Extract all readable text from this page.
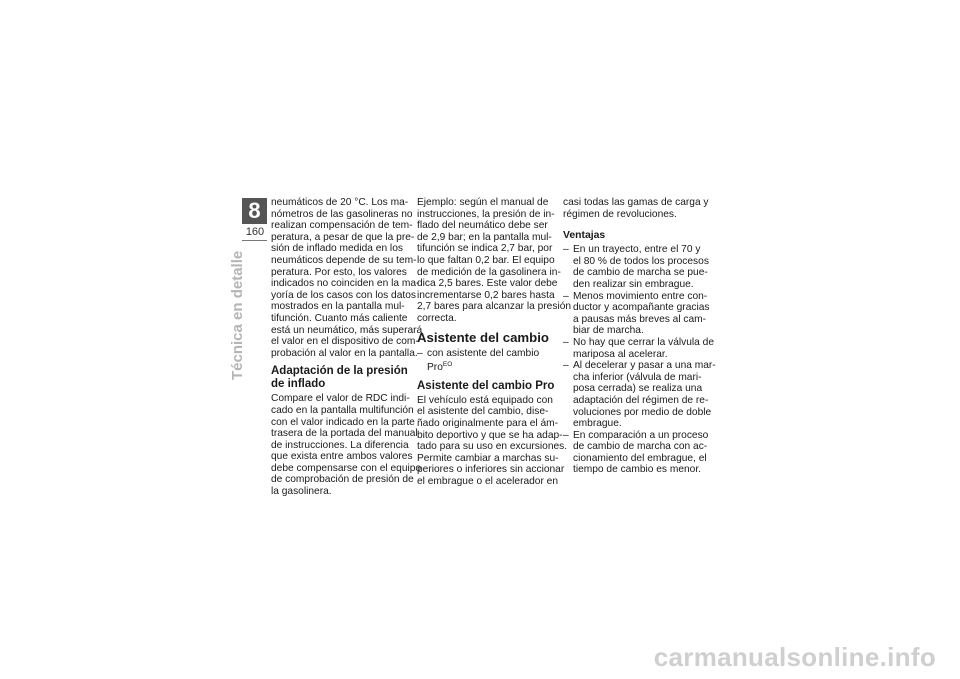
8
160
Técnica en detalle

neumáticos de 20 °C. Los ma-
nómetros de las gasolineras no
realizan compensación de tem-
peratura, a pesar de que la pre-
sión de inflado medida en los
neumáticos depende de su tem-
peratura. Por esto, los valores
indicados no coinciden en la ma-
yoría de los casos con los datos
mostrados en la pantalla mul-
tifunción. Cuanto más caliente
está un neumático, más superará
el valor en el dispositivo de com-
probación al valor en la pantalla.

Adaptación de la presión
de inflado

Compare el valor de RDC indi-
cado en la pantalla multifunción
con el valor indicado en la parte
trasera de la portada del manual
de instrucciones. La diferencia
que exista entre ambos valores
debe compensarse con el equipo
de comprobación de presión de
la gasolinera.

Ejemplo: según el manual de
instrucciones, la presión de in-
flado del neumático debe ser
de 2,9 bar; en la pantalla mul-
tifunción se indica 2,7 bar, por
lo que faltan 0,2 bar. El equipo
de medición de la gasolinera in-
dica 2,5 bares. Este valor debe
incrementarse 0,2 bares hasta
2,7 bares para alcanzar la presión
correcta.

Asistente del cambio
– con asistente del cambio
Pro$^{EO}$
Asistente del cambio Pro

El vehículo está equipado con
el asistente del cambio, dise-
ñado originalmente para el ám-
bito deportivo y que se ha adap-
tado para su uso en excursiones.
Permite cambiar a marchas su-
periores o inferiores sin accionar
el embrague o el acelerador en

casi todas las gamas de carga y
régimen de revoluciones.

Ventajas
– En un trayecto, entre el 70 y
el 80 % de todos los procesos
de cambio de marcha se pue-
den realizar sin embrague.
– Menos movimiento entre con-
ductor y acompañante gracias
a pausas más breves al cam-
biar de marcha.
– No hay que cerrar la válvula de
mariposa al acelerar.
– Al decelerar y pasar a una mar-
cha inferior (válvula de mari-
posa cerrada) se realiza una
adaptación del régimen de re-
voluciones por medio de doble
embrague.
– En comparación a un proceso
de cambio de marcha con ac-
cionamiento del embrague, el
tiempo de cambio es menor.
carmanualsonline.info
